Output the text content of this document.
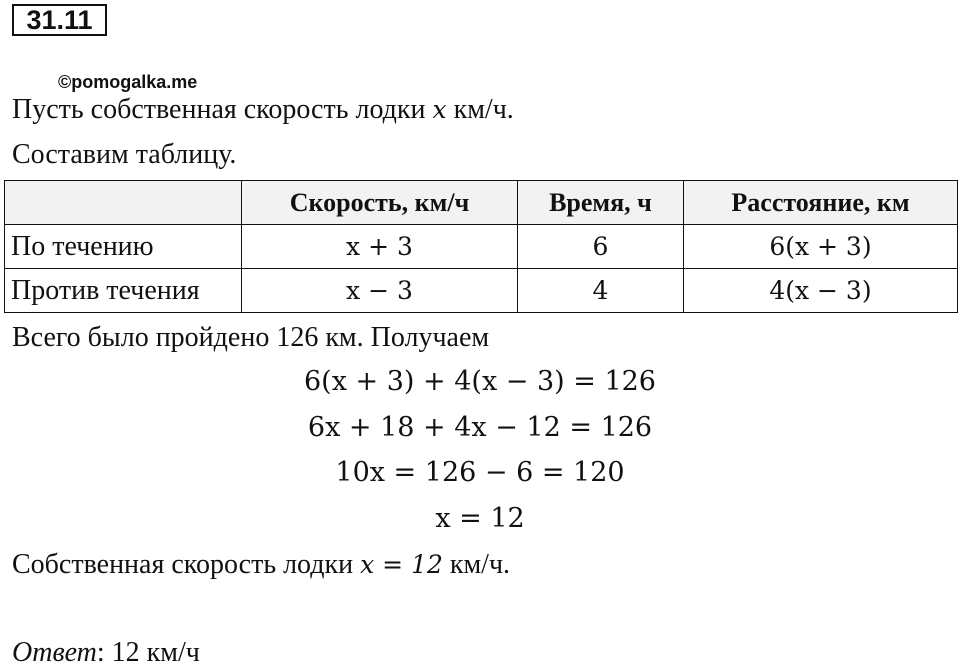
31.11
©pomogalka.me
Пусть собственная скорость лодки x км/ч.
Составим таблицу.
	Скорость, км/ч	Время, ч	Расстояние, км
По течению	x + 3	6	6(x + 3)
Против течения	x − 3	4	4(x − 3)
Всего было пройдено 126 км. Получаем
6(x + 3) + 4(x − 3) = 126
6x + 18 + 4x − 12 = 126
10x = 126 − 6 = 120
x = 12
Собственная скорость лодки x = 12 км/ч.
Ответ: 12 км/ч
